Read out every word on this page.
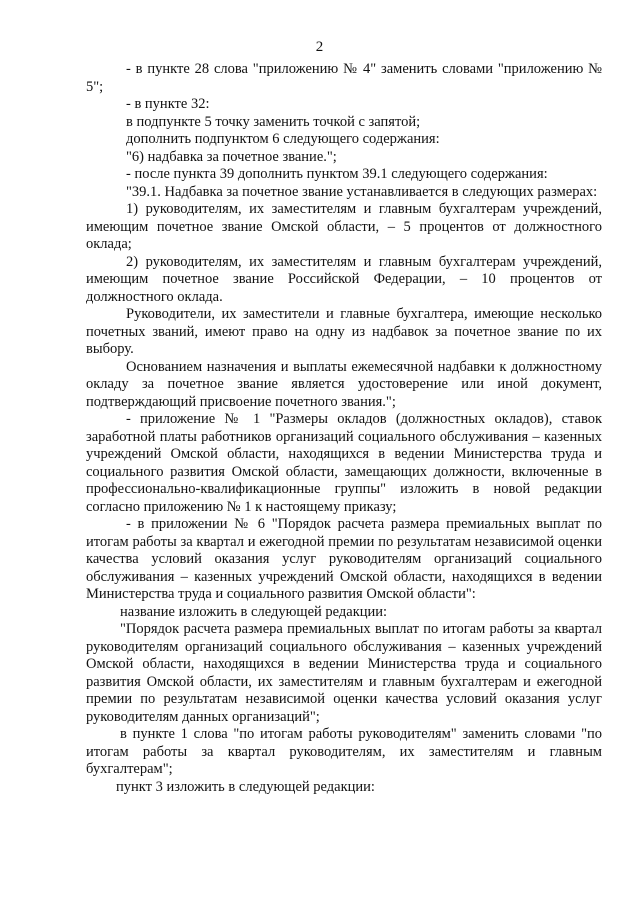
2

- в пункте 28 слова "приложению № 4" заменить словами "приложению № 5";

- в пункте 32:

в подпункте 5 точку заменить точкой с запятой;

дополнить подпунктом 6 следующего содержания:

"6) надбавка за почетное звание.";

- после пункта 39 дополнить пунктом 39.1 следующего содержания:

"39.1. Надбавка за почетное звание устанавливается в следующих размерах:

1) руководителям, их заместителям и главным бухгалтерам учреждений, имеющим почетное звание Омской области, – 5 процентов от должностного оклада;

2) руководителям, их заместителям и главным бухгалтерам учреждений, имеющим почетное звание Российской Федерации, – 10 процентов от должностного оклада.

Руководители, их заместители и главные бухгалтера, имеющие несколько почетных званий, имеют право на одну из надбавок за почетное звание по их выбору.

Основанием назначения и выплаты ежемесячной надбавки к должностному окладу за почетное звание является удостоверение или иной документ, подтверждающий присвоение почетного звания.";

- приложение № 1 "Размеры окладов (должностных окладов), ставок заработной платы работников организаций социального обслуживания – казенных учреждений Омской области, находящихся в ведении Министерства труда и социального развития Омской области, замещающих должности, включенные в профессионально-квалификационные группы" изложить в новой редакции согласно приложению № 1 к настоящему приказу;

- в приложении № 6 "Порядок расчета размера премиальных выплат по итогам работы за квартал и ежегодной премии по результатам независимой оценки качества условий оказания услуг руководителям организаций социального обслуживания – казенных учреждений Омской области, находящихся в ведении Министерства труда и социального развития Омской области":

название изложить в следующей редакции:

"Порядок расчета размера премиальных выплат по итогам работы за квартал руководителям организаций социального обслуживания – казенных учреждений Омской области, находящихся в ведении Министерства труда и социального развития Омской области, их заместителям и главным бухгалтерам и ежегодной премии по результатам независимой оценки качества условий оказания услуг руководителям данных организаций";

в пункте 1 слова "по итогам работы руководителям" заменить словами "по итогам работы за квартал руководителям, их заместителям и главным бухгалтерам";

пункт 3 изложить в следующей редакции:
